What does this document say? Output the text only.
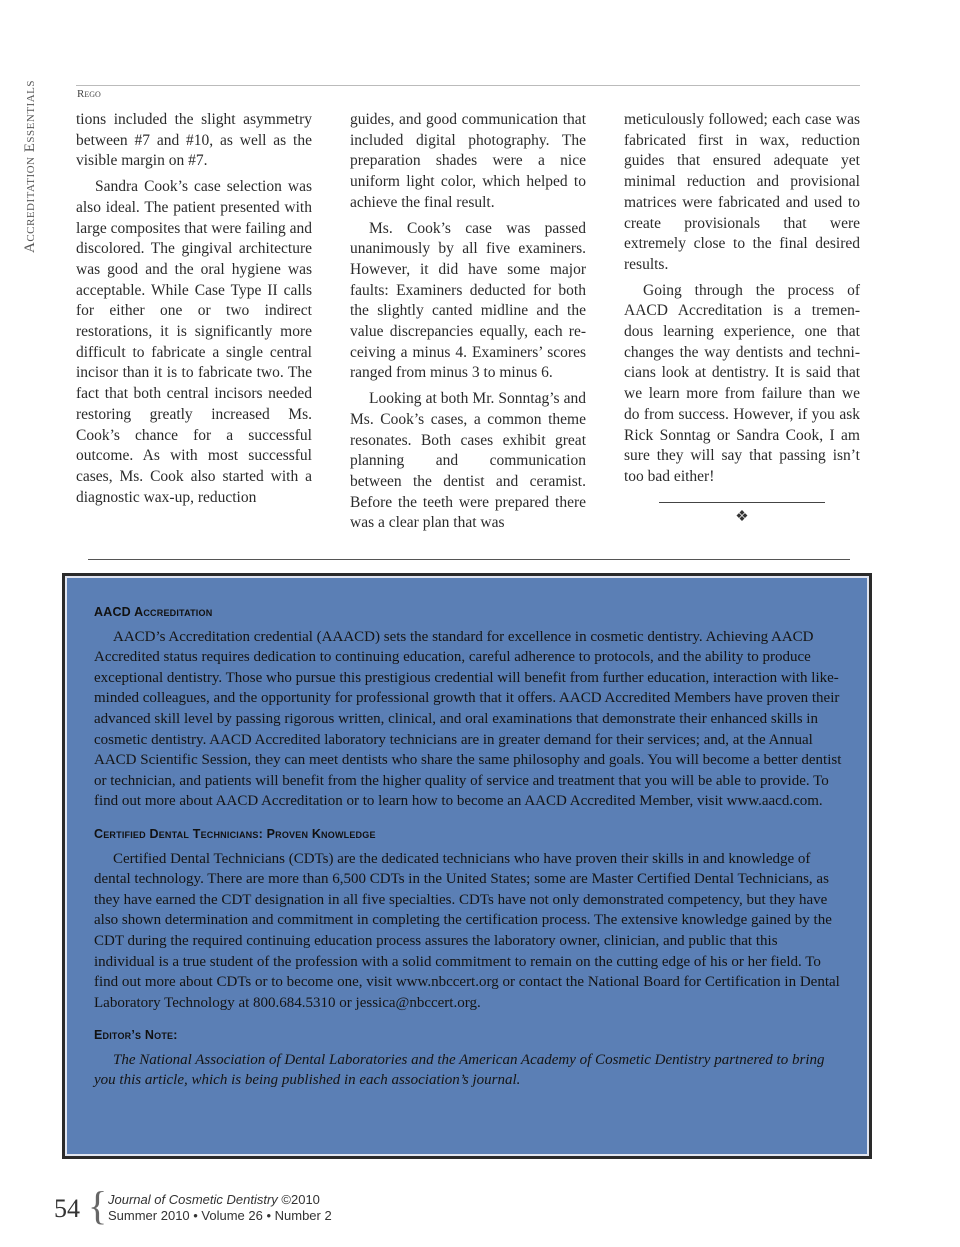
Accreditation Essentials	Rego

tions included the slight asymmetry between #7 and #10, as well as the visible margin on #7.

Sandra Cook’s case selection was also ideal. The patient presented with large composites that were failing and discolored. The gingival architecture was good and the oral hygiene was acceptable. While Case Type II calls for either one or two indirect restorations, it is significantly more difficult to fabricate a single central incisor than it is to fabricate two. The fact that both central incisors needed restoring greatly increased Ms. Cook’s chance for a successful outcome. As with most successful cases, Ms. Cook also started with a diagnostic wax-up, reduction

guides, and good communication that included digital photography. The preparation shades were a nice uniform light color, which helped to achieve the final result.

Ms. Cook’s case was passed unanimously by all five examiners. However, it did have some major faults: Examiners deducted for both the slightly canted midline and the value discrepancies equally, each re-ceiving a minus 4. Examiners’ scores ranged from minus 3 to minus 6.

Looking at both Mr. Sonntag’s and Ms. Cook’s cases, a common theme resonates. Both cases exhibit great planning and communication between the dentist and ceramist. Before the teeth were prepared there was a clear plan that was

meticulously followed; each case was fabricated first in wax, reduction guides that ensured adequate yet minimal reduction and provisional matrices were fabricated and used to create provisionals that were extremely close to the final desired results.

Going through the process of AACD Accreditation is a tremen-dous learning experience, one that changes the way dentists and techni-cians look at dentistry. It is said that we learn more from failure than we do from success. However, if you ask Rick Sonntag or Sandra Cook, I am sure they will say that passing isn’t too bad either!

❖
AACD Accreditation

AACD’s Accreditation credential (AAACD) sets the standard for excellence in cosmetic dentistry. Achieving AACD Accredited status requires dedication to continuing education, careful adherence to protocols, and the ability to produce exceptional dentistry. Those who pursue this prestigious credential will benefit from further education, interaction with like-minded colleagues, and the opportunity for professional growth that it offers. AACD Accredited Members have proven their advanced skill level by passing rigorous written, clinical, and oral examinations that demonstrate their enhanced skills in cosmetic dentistry. AACD Accredited laboratory technicians are in greater demand for their services; and, at the Annual AACD Scientific Session, they can meet dentists who share the same philosophy and goals. You will become a better dentist or technician, and patients will benefit from the higher quality of service and treatment that you will be able to provide. To find out more about AACD Accreditation or to learn how to become an AACD Accredited Member, visit www.aacd.com.

Certified Dental Technicians: Proven Knowledge

Certified Dental Technicians (CDTs) are the dedicated technicians who have proven their skills in and knowledge of dental technology. There are more than 6,500 CDTs in the United States; some are Master Certified Dental Technicians, as they have earned the CDT designation in all five specialties. CDTs have not only demonstrated competency, but they have also shown determination and commitment in completing the certification process. The extensive knowledge gained by the CDT during the required continuing education process assures the laboratory owner, clinician, and public that this individual is a true student of the profession with a solid commitment to remain on the cutting edge of his or her field. To find out more about CDTs or to become one, visit www.nbccert.org or contact the National Board for Certification in Dental Laboratory Technology at 800.684.5310 or jessica@nbccert.org.

Editor’s Note:

The National Association of Dental Laboratories and the American Academy of Cosmetic Dentistry partnered to bring you this article, which is being published in each association’s journal.

54 { Journal of Cosmetic Dentistry ©2010
Summer 2010 • Volume 26 • Number 2
